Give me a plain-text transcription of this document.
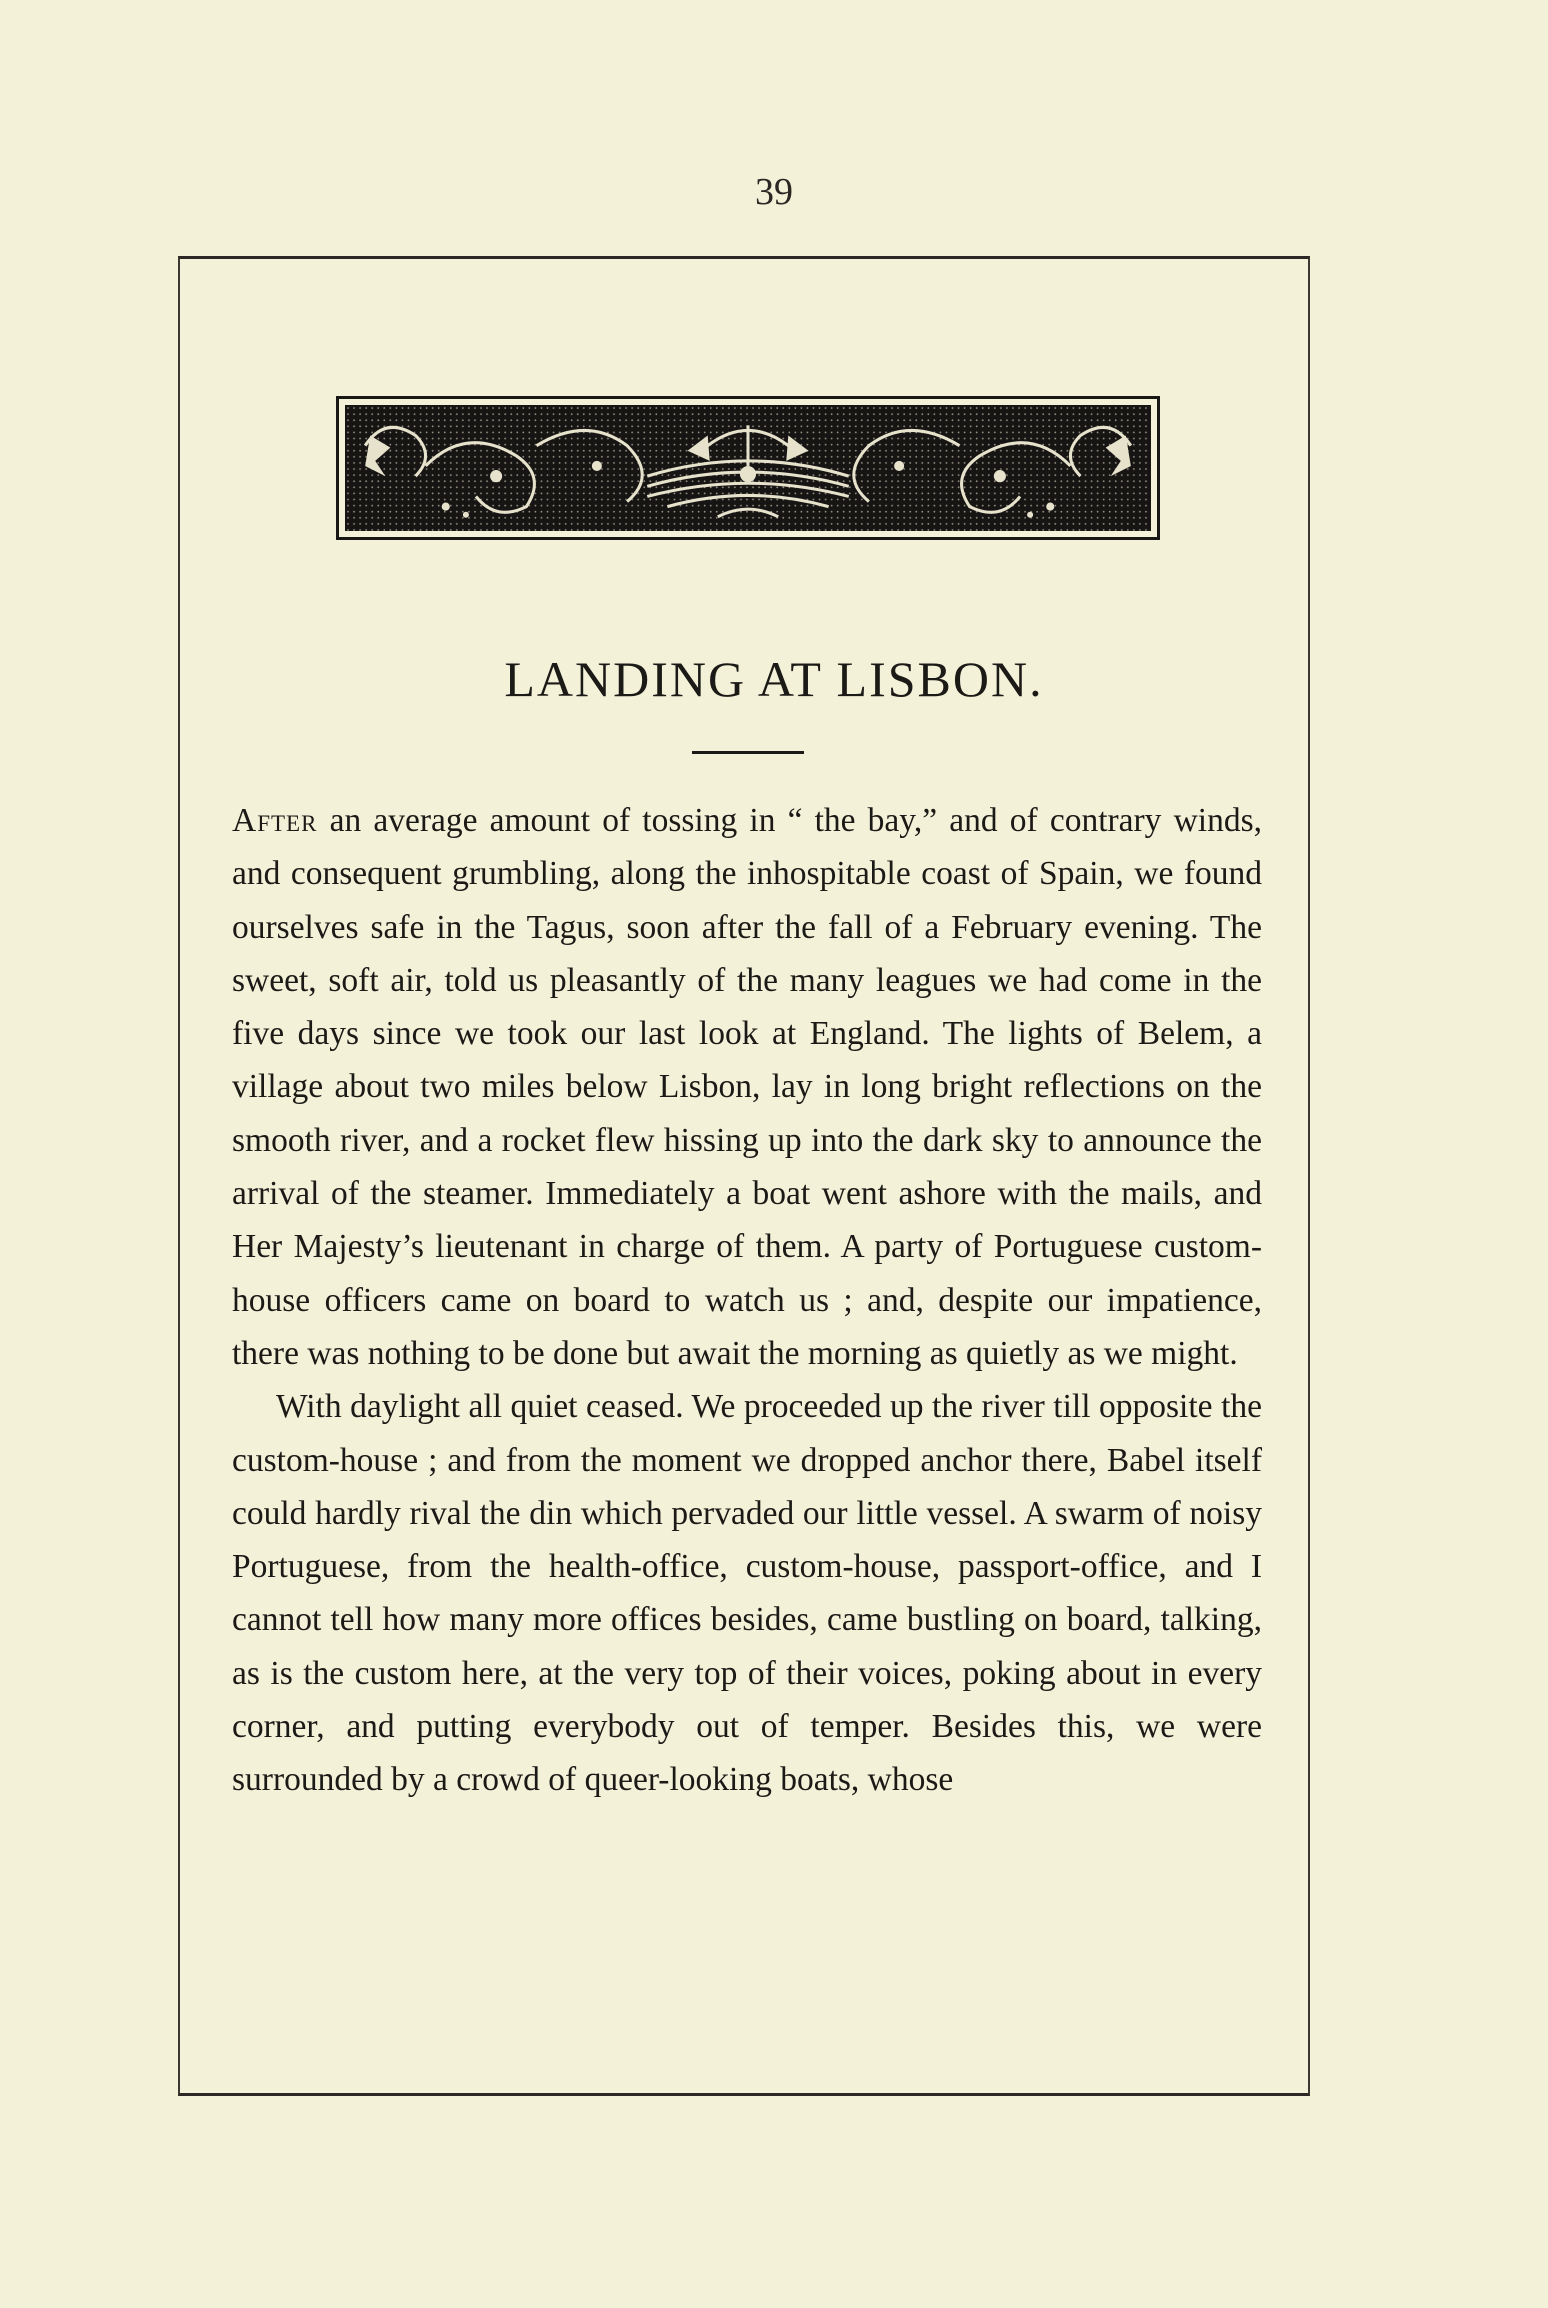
39
LANDING AT LISBON.

After an average amount of tossing in “ the bay,” and of contrary winds, and consequent grumbling, along the inhospitable coast of Spain, we found ourselves safe in the Tagus, soon after the fall of a February evening. The sweet, soft air, told us pleasantly of the many leagues we had come in the five days since we took our last look at England. The lights of Belem, a village about two miles below Lisbon, lay in long bright reflections on the smooth river, and a rocket flew hissing up into the dark sky to announce the arrival of the steamer. Immediately a boat went ashore with the mails, and Her Majesty’s lieutenant in charge of them. A party of Portuguese custom-house officers came on board to watch us ; and, despite our impatience, there was nothing to be done but await the morning as quietly as we might.

With daylight all quiet ceased. We proceeded up the river till opposite the custom-house ; and from the moment we dropped anchor there, Babel itself could hardly rival the din which pervaded our little vessel. A swarm of noisy Portuguese, from the health-office, custom-house, passport-office, and I cannot tell how many more offices besides, came bustling on board, talking, as is the custom here, at the very top of their voices, poking about in every corner, and putting everybody out of temper. Besides this, we were surrounded by a crowd of queer-looking boats, whose
